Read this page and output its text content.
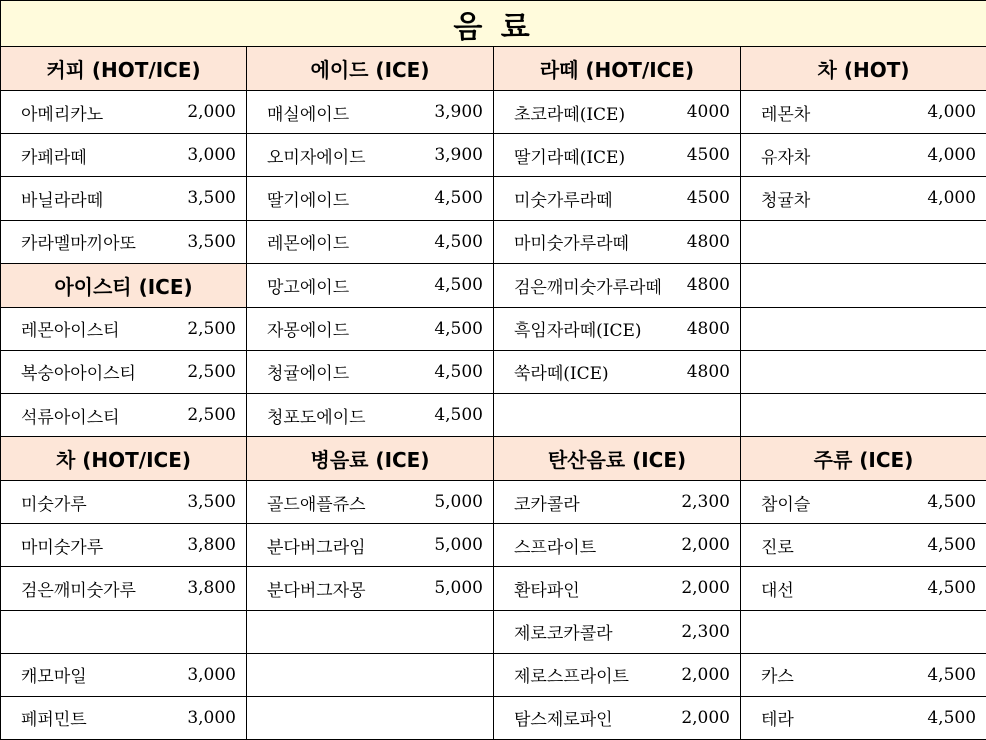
음 료			
커피 (HOT/ICE)	에이드 (ICE)	라떼 (HOT/ICE)	차 (HOT)

아메리카노 2,000	매실에이드 3,900	초코라떼(ICE) 4000	레몬차 4,000

카페라떼 3,000	오미자에이드 3,900	딸기라떼(ICE) 4500	유자차 4,000

바닐라라떼 3,500	딸기에이드 4,500	미숫가루라떼 4500	청귤차 4,000

카라멜마끼아또 3,500	레몬에이드 4,500	마미숫가루라떼 4800	

아이스티 (ICE)	망고에이드 4,500	검은깨미숫가루라떼 4800	

레몬아이스티 2,500	자몽에이드 4,500	흑임자라떼(ICE) 4800	

복숭아아이스티 2,500	청귤에이드 4,500	쑥라떼(ICE) 4800	

석류아이스티 2,500	청포도에이드 4,500		

차 (HOT/ICE)	병음료 (ICE)	탄산음료 (ICE)	주류 (ICE)

미숫가루 3,500	골드애플쥬스 5,000	코카콜라 2,300	참이슬 4,500

마미숫가루 3,800	분다버그라임 5,000	스프라이트 2,000	진로 4,500

검은깨미숫가루 3,800	분다버그자몽 5,000	환타파인 2,000	대선 4,500

		제로코카콜라 2,300	

캐모마일 3,000		제로스프라이트 2,000	카스 4,500

페퍼민트 3,000		탐스제로파인 2,000	테라 4,500
